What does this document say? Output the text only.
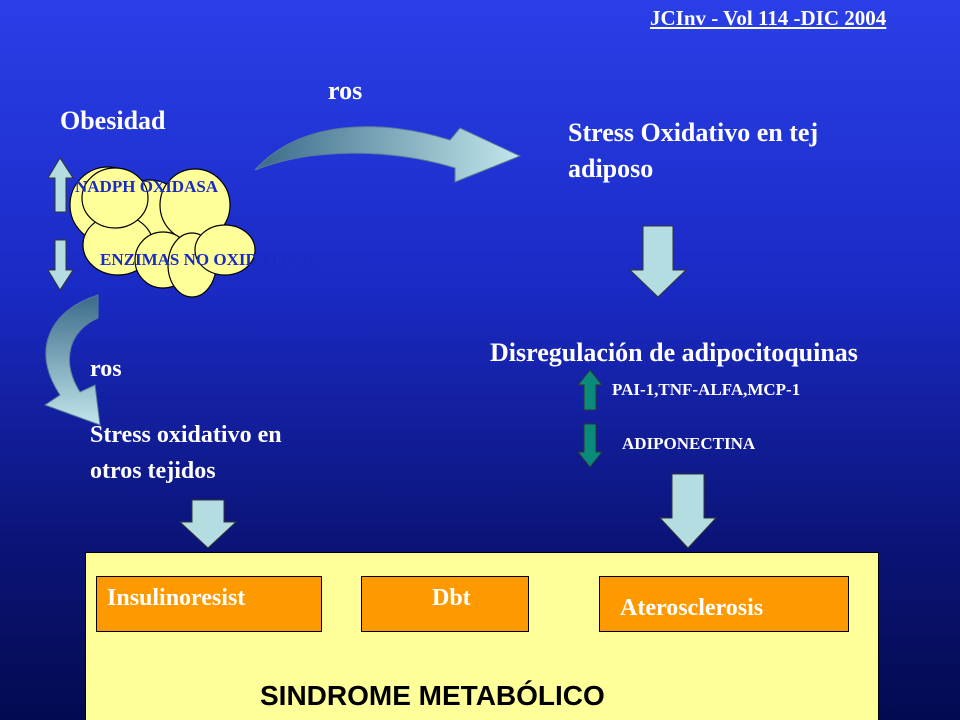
JCInv - Vol 114 -DIC 2004
Obesidad
ros
NADPH OXIDASA
ENZIMAS NO OXIDATIVAS
ros
Stress oxidativo en
otros tejidos
Stress Oxidativo en tej
adiposo
Disregulación de adipocitoquinas
PAI-1,TNF-ALFA,MCP-1
ADIPONECTINA
Insulinoresist	Dbt	Aterosclerosis
SINDROME METABÓLICO
